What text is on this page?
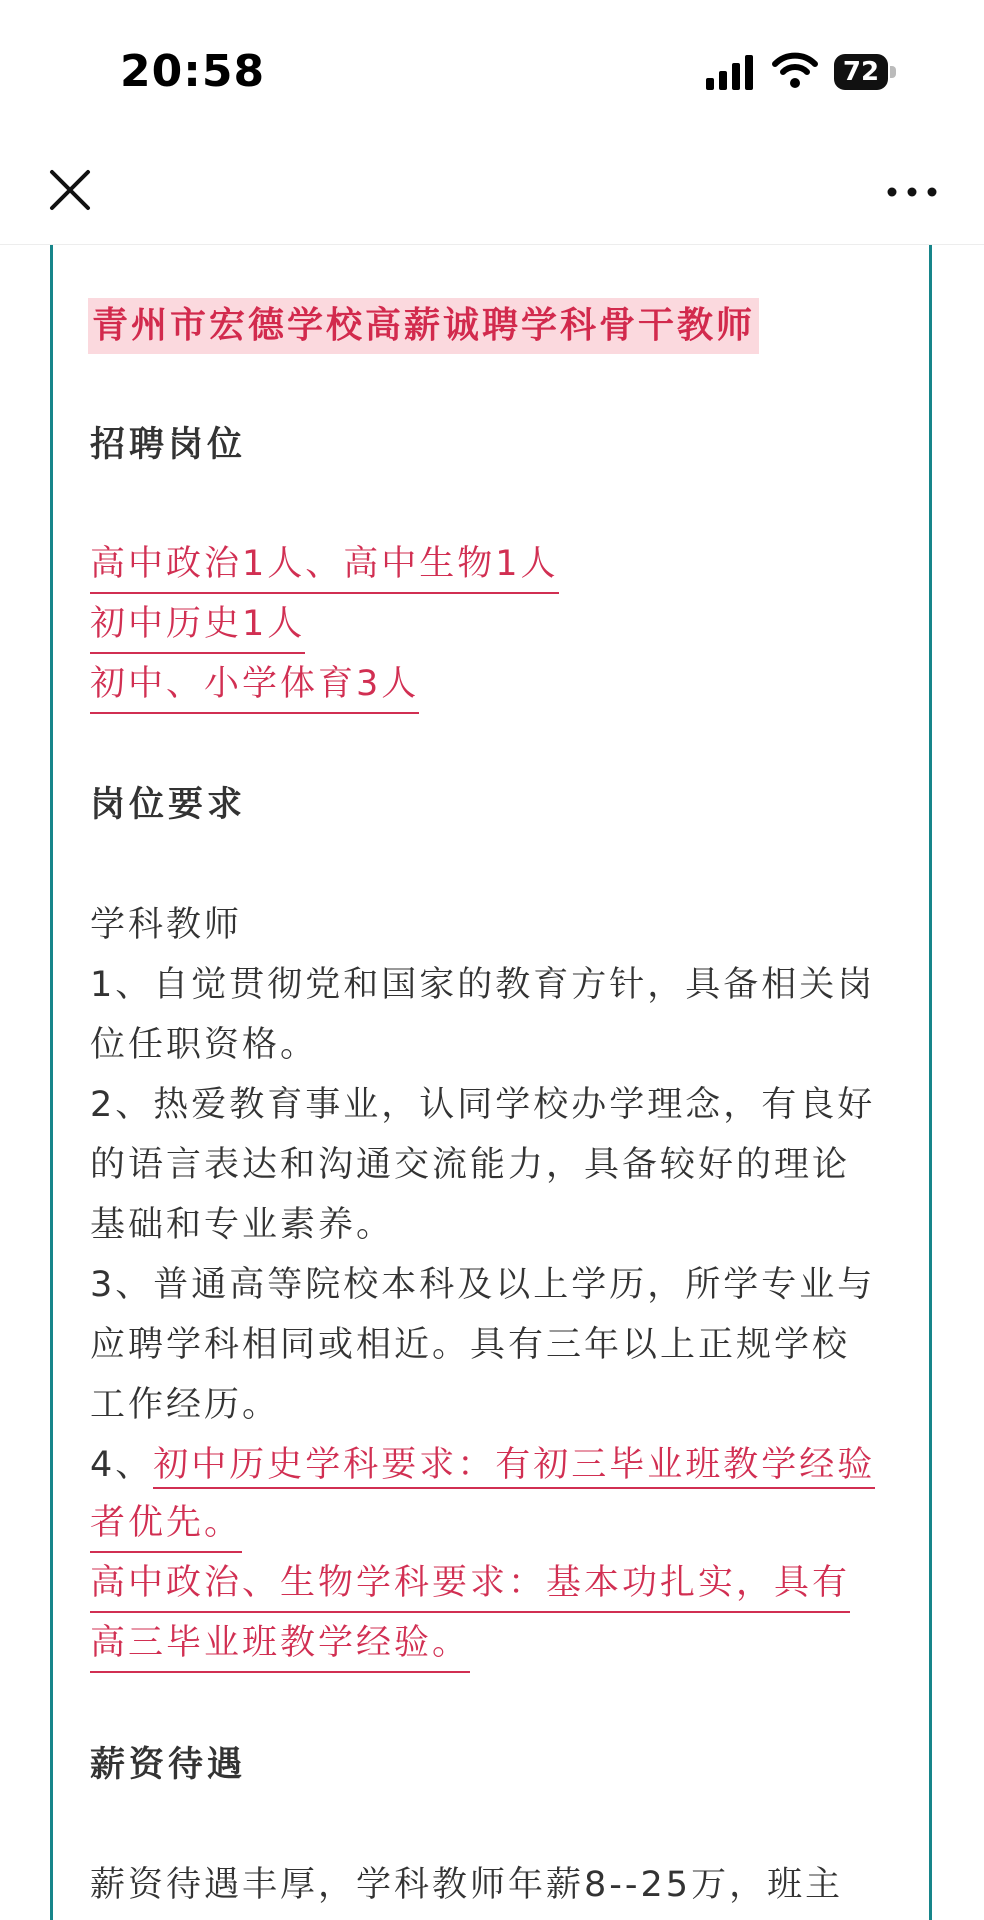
20:58	72
青州市宏德学校高薪诚聘学科骨干教师
招聘岗位
高中政治1人、高中生物1人
初中历史1人
初中、小学体育3人
岗位要求
学科教师
1、自觉贯彻党和国家的教育方针，具备相关岗
位任职资格。
2、热爱教育事业，认同学校办学理念，有良好
的语言表达和沟通交流能力，具备较好的理论
基础和专业素养。
3、普通高等院校本科及以上学历，所学专业与
应聘学科相同或相近。具有三年以上正规学校
工作经历。
4、初中历史学科要求：有初三毕业班教学经验
者优先。
高中政治、生物学科要求：基本功扎实，具有
高三毕业班教学经验。
薪资待遇
薪资待遇丰厚，学科教师年薪8--25万，班主
